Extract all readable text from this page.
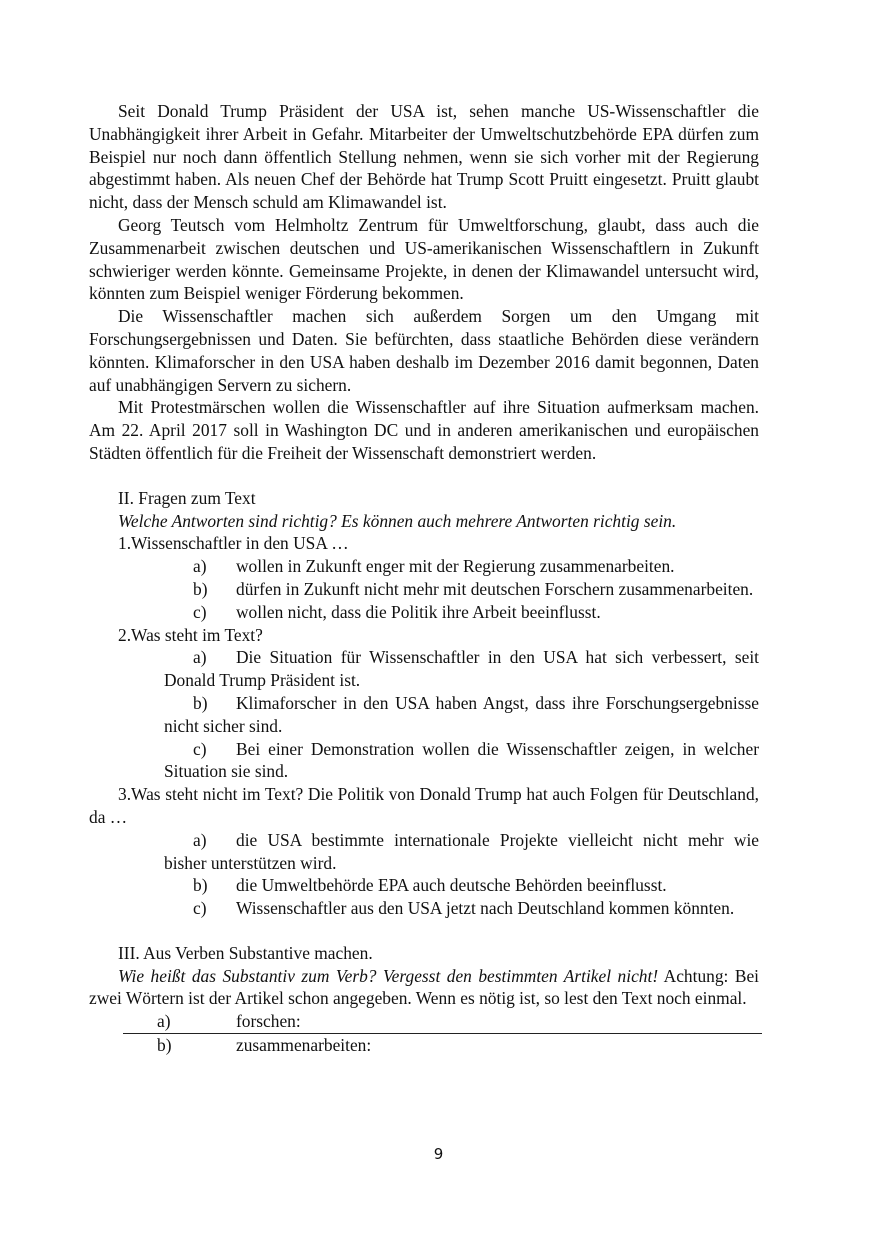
Seit Donald Trump Präsident der USA ist, sehen manche US-Wissenschaftler die Unabhängigkeit ihrer Arbeit in Gefahr. Mitarbeiter der Umweltschutzbehörde EPA dürfen zum Beispiel nur noch dann öffentlich Stellung nehmen, wenn sie sich vorher mit der Regierung abgestimmt haben. Als neuen Chef der Behörde hat Trump Scott Pruitt eingesetzt. Pruitt glaubt nicht, dass der Mensch schuld am Klimawandel ist.

Georg Teutsch vom Helmholtz Zentrum für Umweltforschung, glaubt, dass auch die Zusammenarbeit zwischen deutschen und US-amerikanischen Wissenschaftlern in Zukunft schwieriger werden könnte. Gemeinsame Projekte, in denen der Klimawandel untersucht wird, könnten zum Beispiel weniger Förderung bekommen.

Die Wissenschaftler machen sich außerdem Sorgen um den Umgang mit Forschungsergebnissen und Daten. Sie befürchten, dass staatliche Behörden diese verändern könnten. Klimaforscher in den USA haben deshalb im Dezember 2016 damit begonnen, Daten auf unabhängigen Servern zu sichern.

Mit Protestmärschen wollen die Wissenschaftler auf ihre Situation aufmerksam machen. Am 22. April 2017 soll in Washington DC und in anderen amerikanischen und europäischen Städten öffentlich für die Freiheit der Wissenschaft demonstriert werden.

II. Fragen zum Text

Welche Antworten sind richtig? Es können auch mehrere Antworten richtig sein.

1.Wissenschaftler in den USA …

a) wollen in Zukunft enger mit der Regierung zusammenarbeiten.

b) dürfen in Zukunft nicht mehr mit deutschen Forschern zusammenarbeiten.

c) wollen nicht, dass die Politik ihre Arbeit beeinflusst.

2.Was steht im Text?

a) Die Situation für Wissenschaftler in den USA hat sich verbessert, seit Donald Trump Präsident ist.

b) Klimaforscher in den USA haben Angst, dass ihre Forschungsergebnisse nicht sicher sind.

c) Bei einer Demonstration wollen die Wissenschaftler zeigen, in welcher Situation sie sind.

3.Was steht nicht im Text? Die Politik von Donald Trump hat auch Folgen für Deutschland, da …

a) die USA bestimmte internationale Projekte vielleicht nicht mehr wie bisher unterstützen wird.

b) die Umweltbehörde EPA auch deutsche Behörden beeinflusst.

c) Wissenschaftler aus den USA jetzt nach Deutschland kommen könnten.

III. Aus Verben Substantive machen.

Wie heißt das Substantiv zum Verb? Vergesst den bestimmten Artikel nicht! Achtung: Bei zwei Wörtern ist der Artikel schon angegeben. Wenn es nötig ist, so lest den Text noch einmal.

a)	forschen:
b)	zusammenarbeiten:
9
